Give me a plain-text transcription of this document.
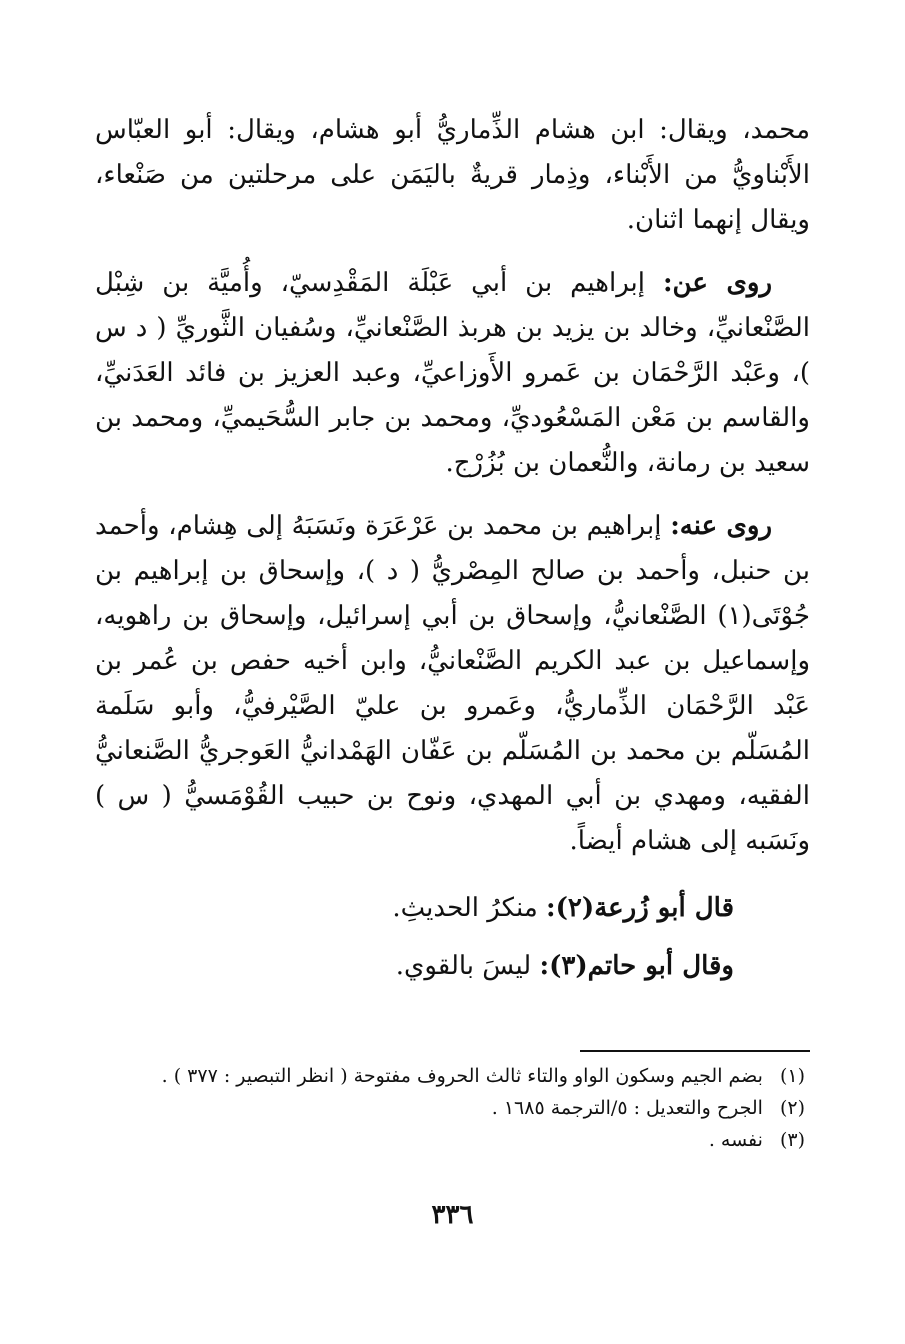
محمد، ويقال: ابن هشام الذِّماريُّ أبو هشام، ويقال: أبو العبّاس الأَبْناويُّ من الأَبْناء، وذِمار قريةٌ باليَمَن على مرحلتين من صَنْعاء، ويقال إنهما اثنان.

روى عن: إبراهيم بن أبي عَبْلَة المَقْدِسيّ، وأُميَّة بن شِبْل الصَّنْعانيِّ، وخالد بن يزيد بن هربذ الصَّنْعانيِّ، وسُفيان الثَّوريِّ ( د س )، وعَبْد الرَّحْمَان بن عَمرو الأَوزاعيِّ، وعبد العزيز بن فائد العَدَنيِّ، والقاسم بن مَعْن المَسْعُوديِّ، ومحمد بن جابر السُّحَيميِّ، ومحمد بن سعيد بن رمانة، والنُّعمان بن بُزُرْج.

روى عنه: إبراهيم بن محمد بن عَرْعَرَة ونَسَبَهُ إلى هِشام، وأحمد بن حنبل، وأحمد بن صالح المِصْريُّ ( د )، وإسحاق بن إبراهيم بن جُوْتَى(١) الصَّنْعانيُّ، وإسحاق بن أبي إسرائيل، وإسحاق بن راهويه، وإسماعيل بن عبد الكريم الصَّنْعانيُّ، وابن أخيه حفص بن عُمر بن عَبْد الرَّحْمَان الذِّماريُّ، وعَمرو بن عليّ الصَّيْرفيُّ، وأبو سَلَمة المُسَلّم بن محمد بن المُسَلّم بن عَفّان الهَمْدانيُّ العَوجريُّ الصَّنعانيُّ الفقيه، ومهدي بن أبي المهدي، ونوح بن حبيب القُوْمَسيُّ ( س ) ونَسَبه إلى هشام أيضاً.

قال أبو زُرعة(٢): منكرُ الحديثِ.

وقال أبو حاتم(٣): ليسَ بالقوي.

(١) بضم الجيم وسكون الواو والتاء ثالث الحروف مفتوحة ( انظر التبصير : ٣٧٧ ) .

(٢) الجرح والتعديل : ٥/الترجمة ١٦٨٥ .

(٣) نفسه .

٣٣٦
